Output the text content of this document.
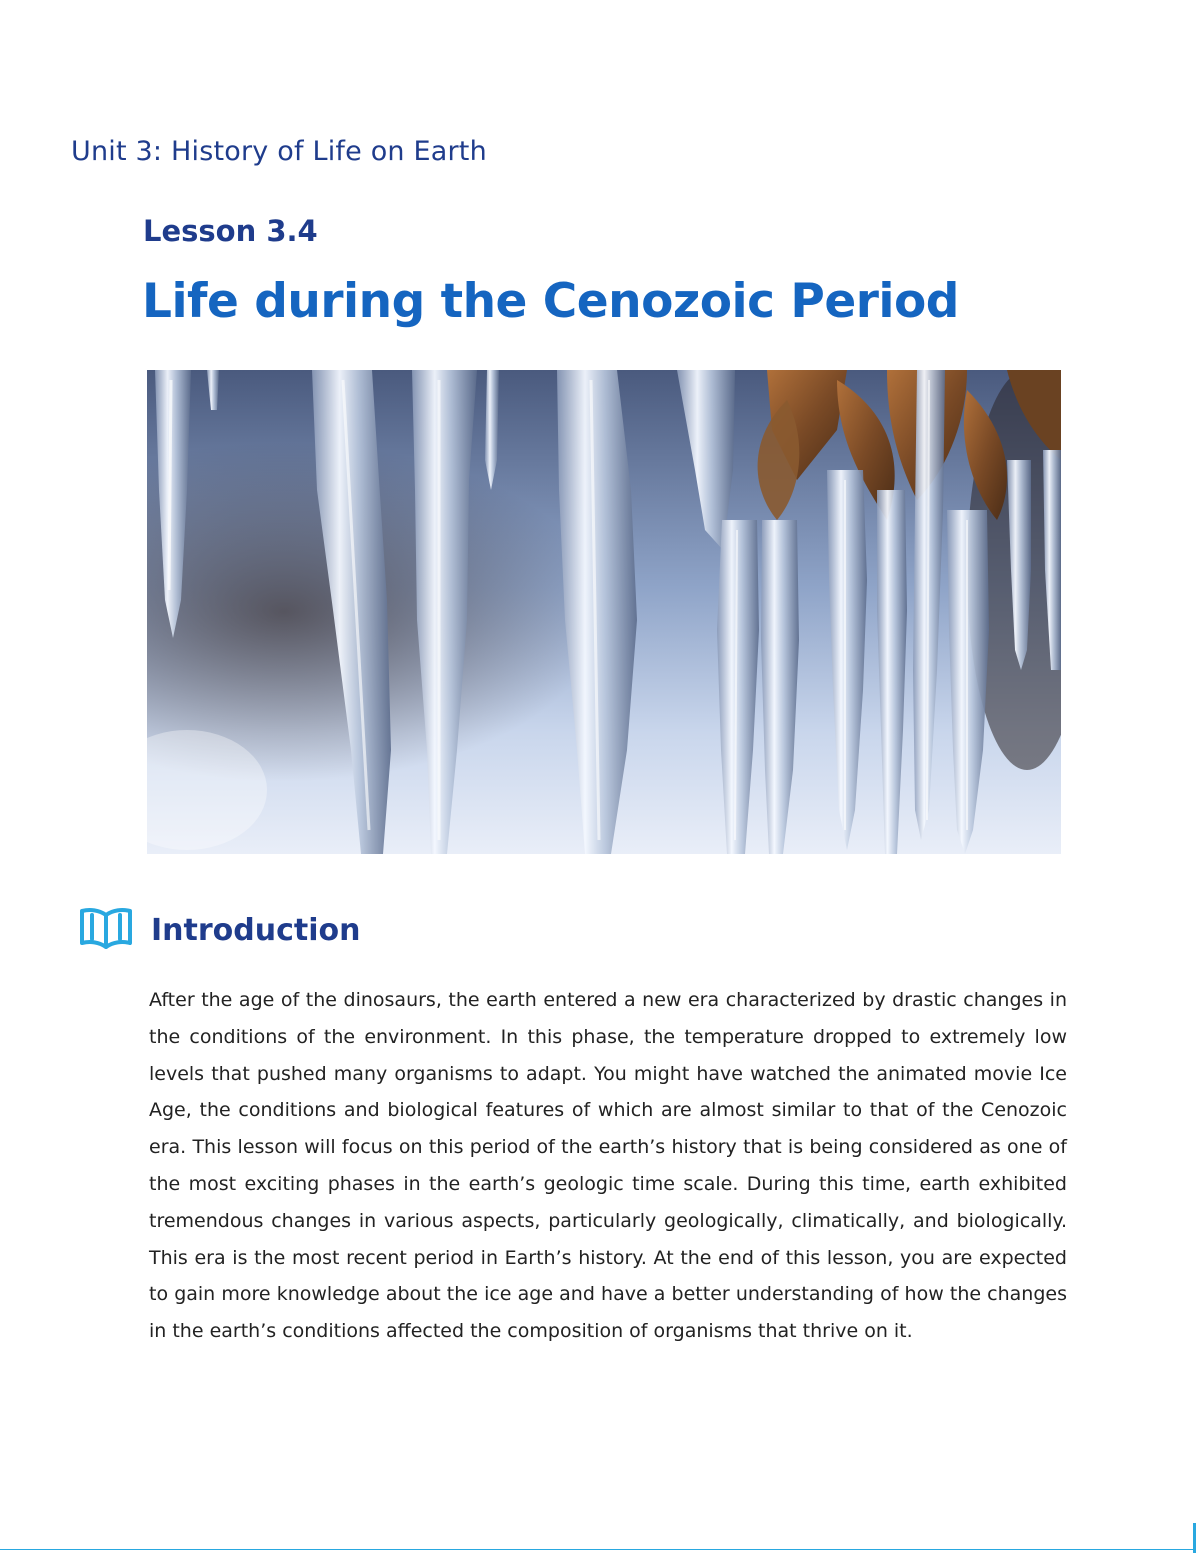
Unit 3: History of Life on Earth
Lesson 3.4
Life during the Cenozoic Period
Introduction

After the age of the dinosaurs, the earth entered a new era characterized by drastic changes in the conditions of the environment. In this phase, the temperature dropped to extremely low levels that pushed many organisms to adapt. You might have watched the animated movie Ice Age, the conditions and biological features of which are almost similar to that of the Cenozoic era. This lesson will focus on this period of the earth’s history that is being considered as one of the most exciting phases in the earth’s geologic time scale. During this time, earth exhibited tremendous changes in various aspects, particularly geologically, climatically, and biologically. This era is the most recent period in Earth’s history. At the end of this lesson, you are expected to gain more knowledge about the ice age and have a better understanding of how the changes in the earth’s conditions affected the composition of organisms that thrive on it.
